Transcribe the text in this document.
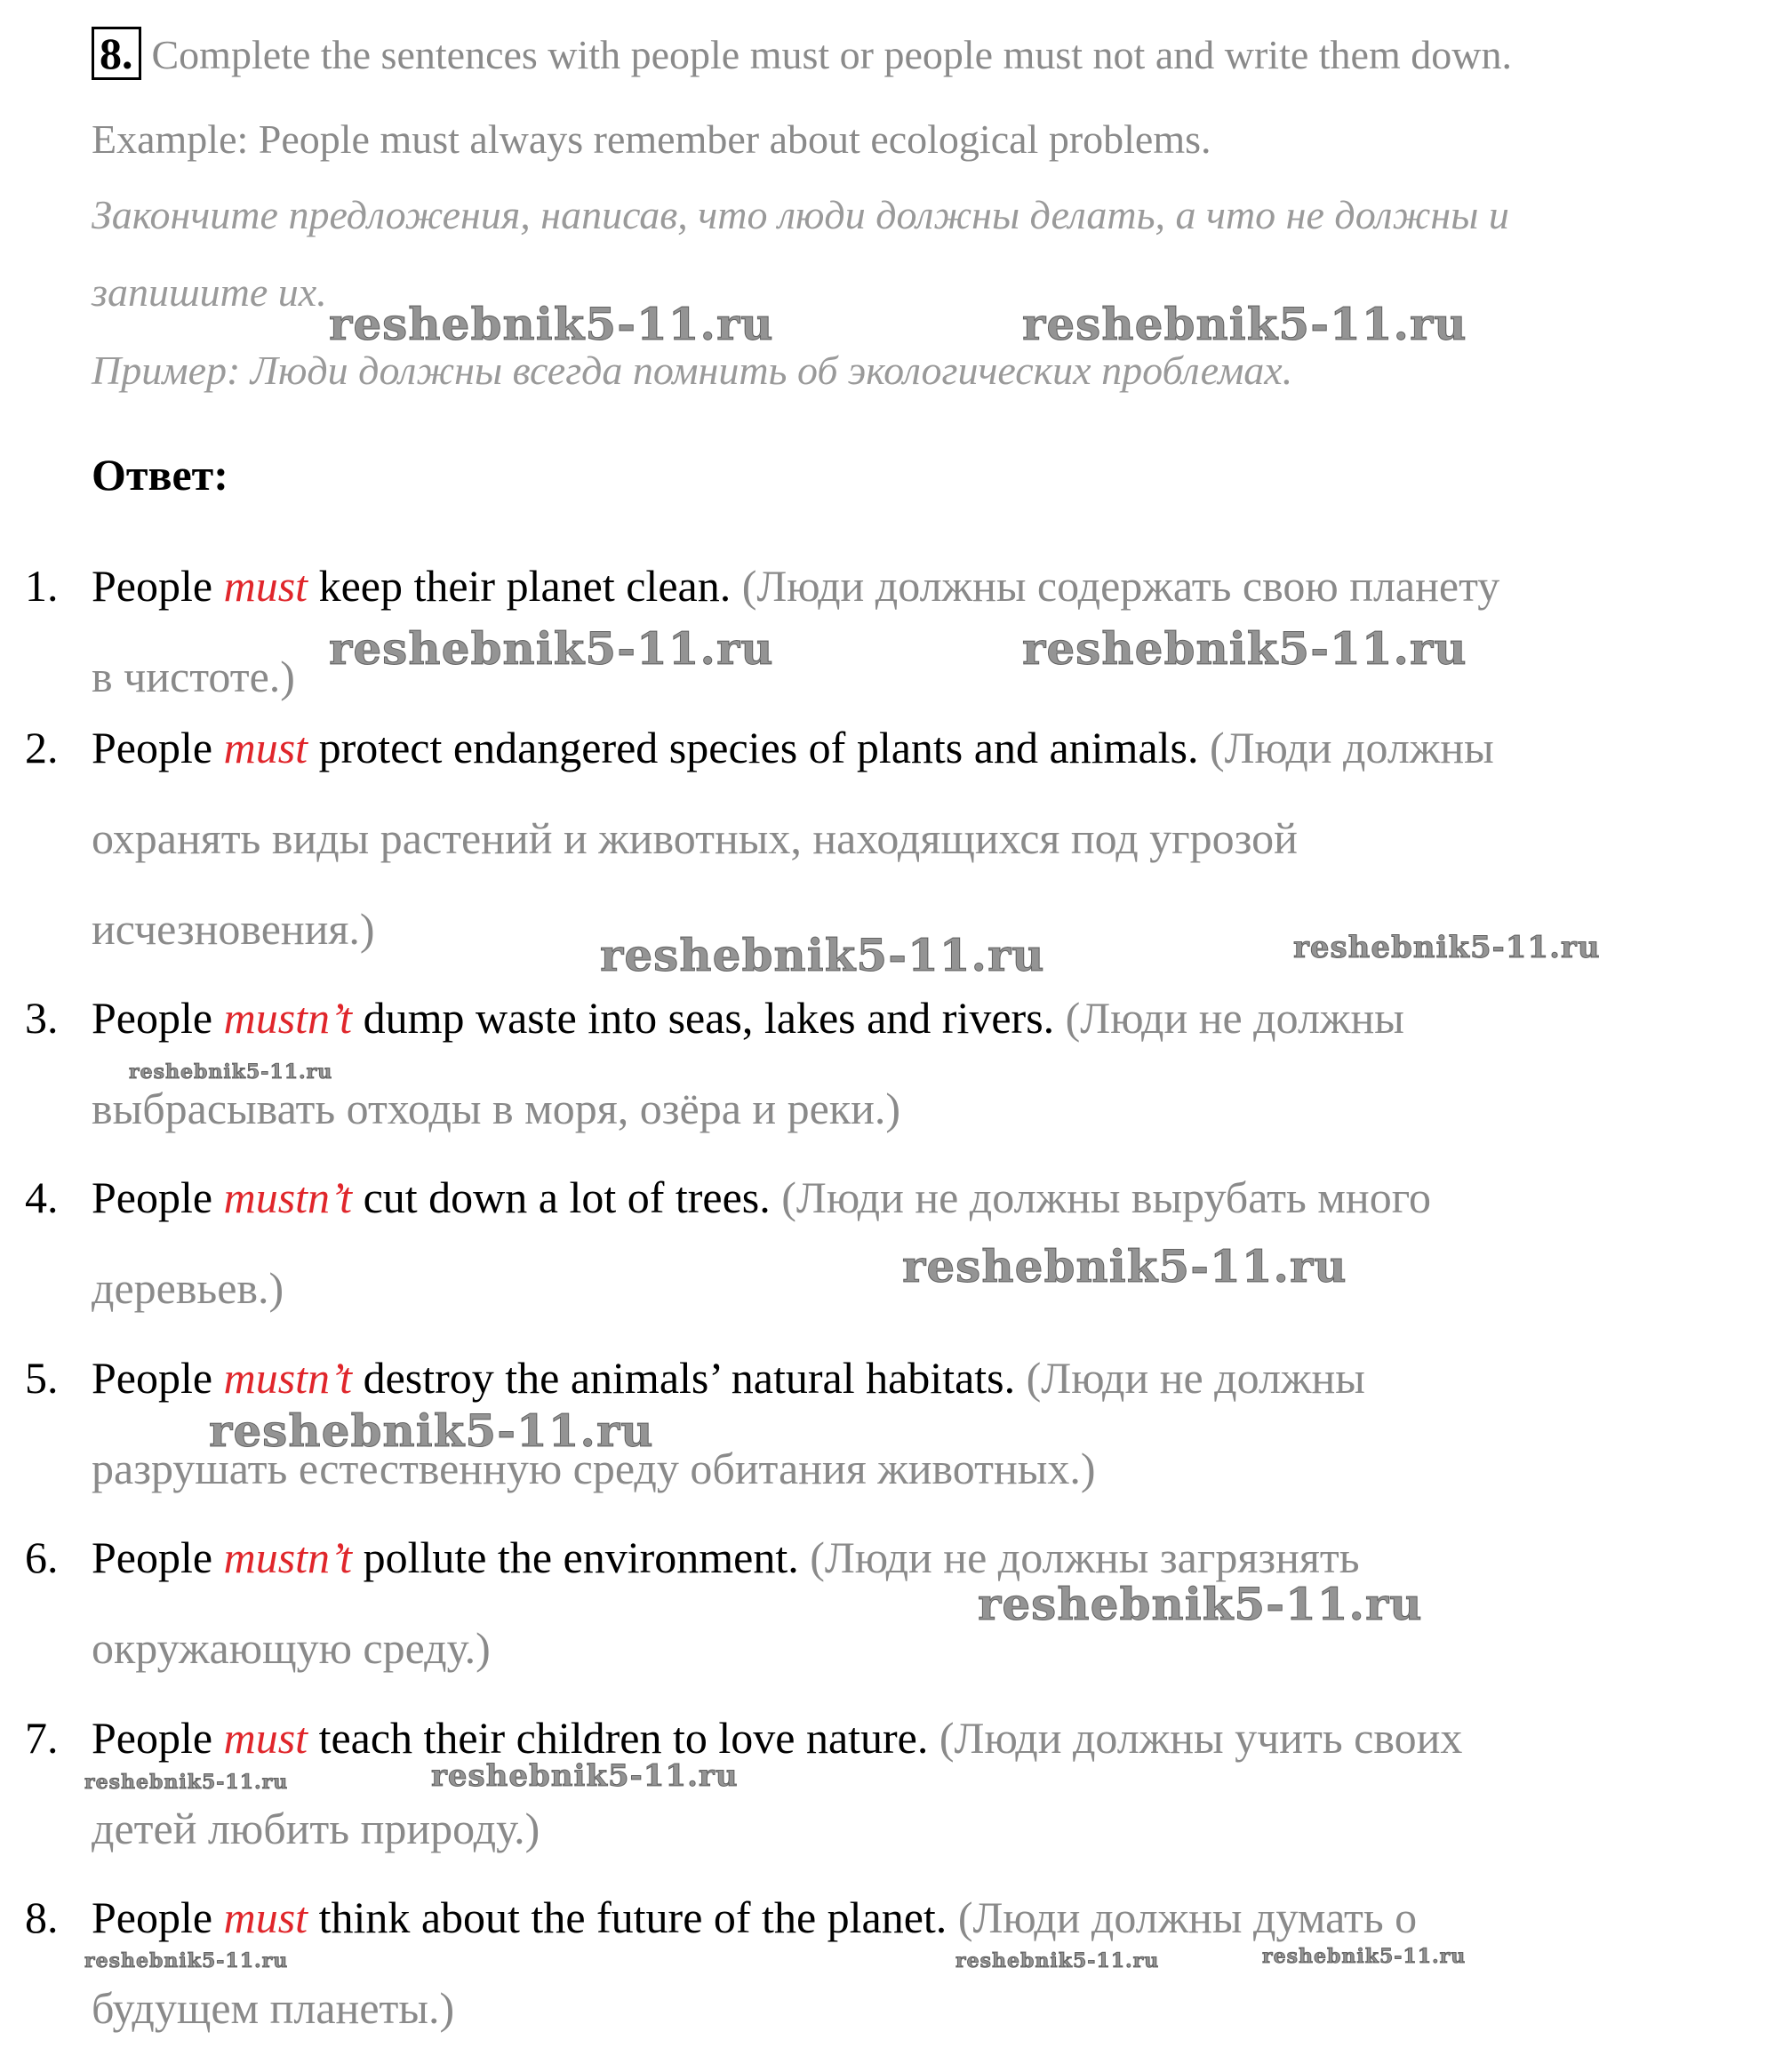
8. Complete the sentences with people must or people must not and write them down.
Example: People must always remember about ecological problems.
Закончите предложения, написав, что люди должны делать, а что не должны и
запишите их.
Пример: Люди должны всегда помнить об экологических проблемах.
Ответ:
1. People must keep their planet clean. (Люди должны содержать свою планету
в чистоте.)
2. People must protect endangered species of plants and animals. (Люди должны
охранять виды растений и животных, находящихся под угрозой
исчезновения.)
3. People mustn’t dump waste into seas, lakes and rivers. (Люди не должны
выбрасывать отходы в моря, озёра и реки.)
4. People mustn’t cut down a lot of trees. (Люди не должны вырубать много
деревьев.)
5. People mustn’t destroy the animals’ natural habitats. (Люди не должны
разрушать естественную среду обитания животных.)
6. People mustn’t pollute the environment. (Люди не должны загрязнять
окружающую среду.)
7. People must teach their children to love nature. (Люди должны учить своих
детей любить природу.)
8. People must think about the future of the planet. (Люди должны думать о
будущем планеты.)
reshebnik5-11.ru	reshebnik5-11.ru
reshebnik5-11.ru	reshebnik5-11.ru
reshebnik5-11.ru	reshebnik5-11.ru
reshebnik5-11.ru
reshebnik5-11.ru
reshebnik5-11.ru
reshebnik5-11.ru
reshebnik5-11.ru	reshebnik5-11.ru
reshebnik5-11.ru	reshebnik5-11.ru	reshebnik5-11.ru
